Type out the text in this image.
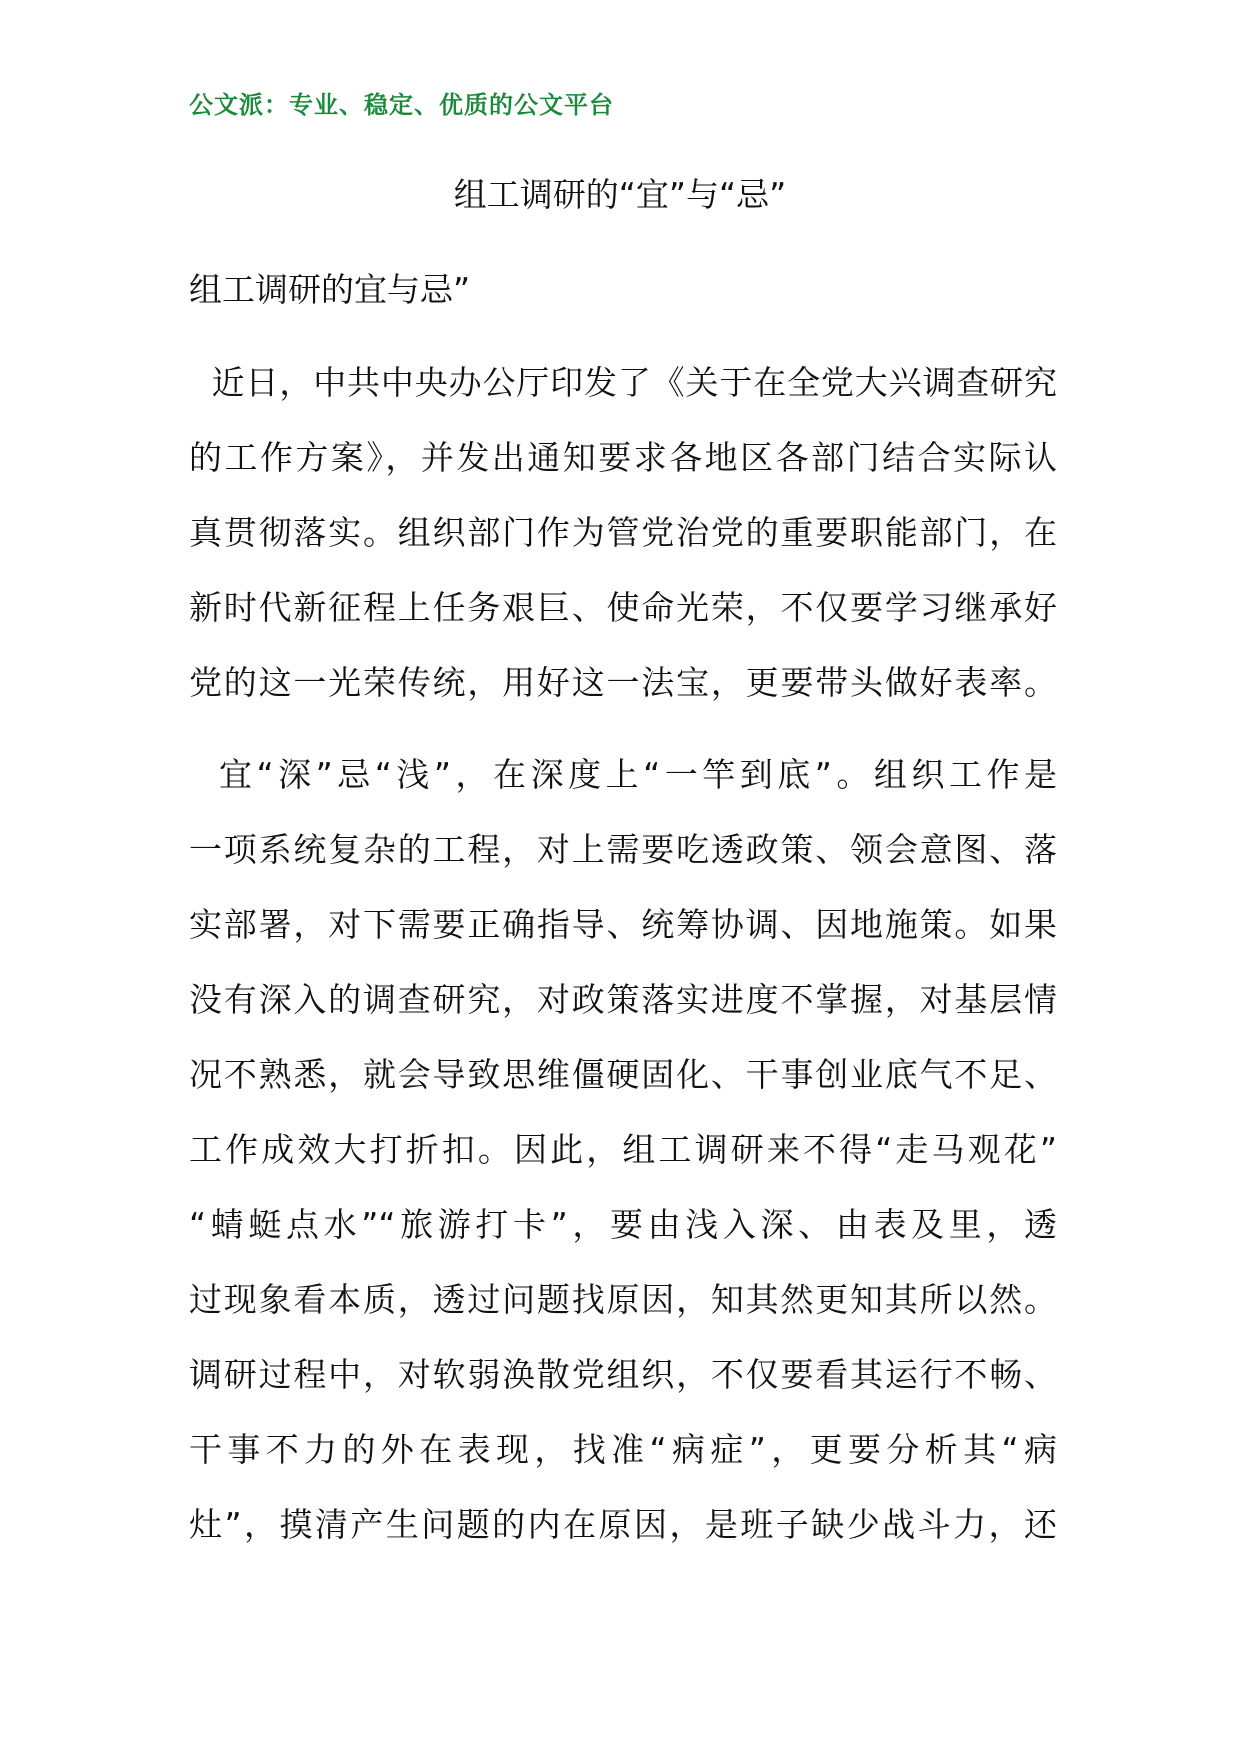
公文派：专业、稳定、优质的公文平台
组工调研的“宜”与“忌”
组工调研的宜与忌”
近日，中共中央办公厅印发了《关于在全党大兴调查研究
的工作方案》，并发出通知要求各地区各部门结合实际认
真贯彻落实。组织部门作为管党治党的重要职能部门，在
新时代新征程上任务艰巨、使命光荣，不仅要学习继承好
党的这一光荣传统，用好这一法宝，更要带头做好表率。
宜“深”忌“浅”，在深度上“一竿到底”。组织工作是
一项系统复杂的工程，对上需要吃透政策、领会意图、落
实部署，对下需要正确指导、统筹协调、因地施策。如果
没有深入的调查研究，对政策落实进度不掌握，对基层情
况不熟悉，就会导致思维僵硬固化、干事创业底气不足、
工作成效大打折扣。因此，组工调研来不得“走马观花”
“蜻蜓点水”“旅游打卡”，要由浅入深、由表及里，透
过现象看本质，透过问题找原因，知其然更知其所以然。
调研过程中，对软弱涣散党组织，不仅要看其运行不畅、
干事不力的外在表现，找准“病症”，更要分析其“病
灶”，摸清产生问题的内在原因，是班子缺少战斗力，还
